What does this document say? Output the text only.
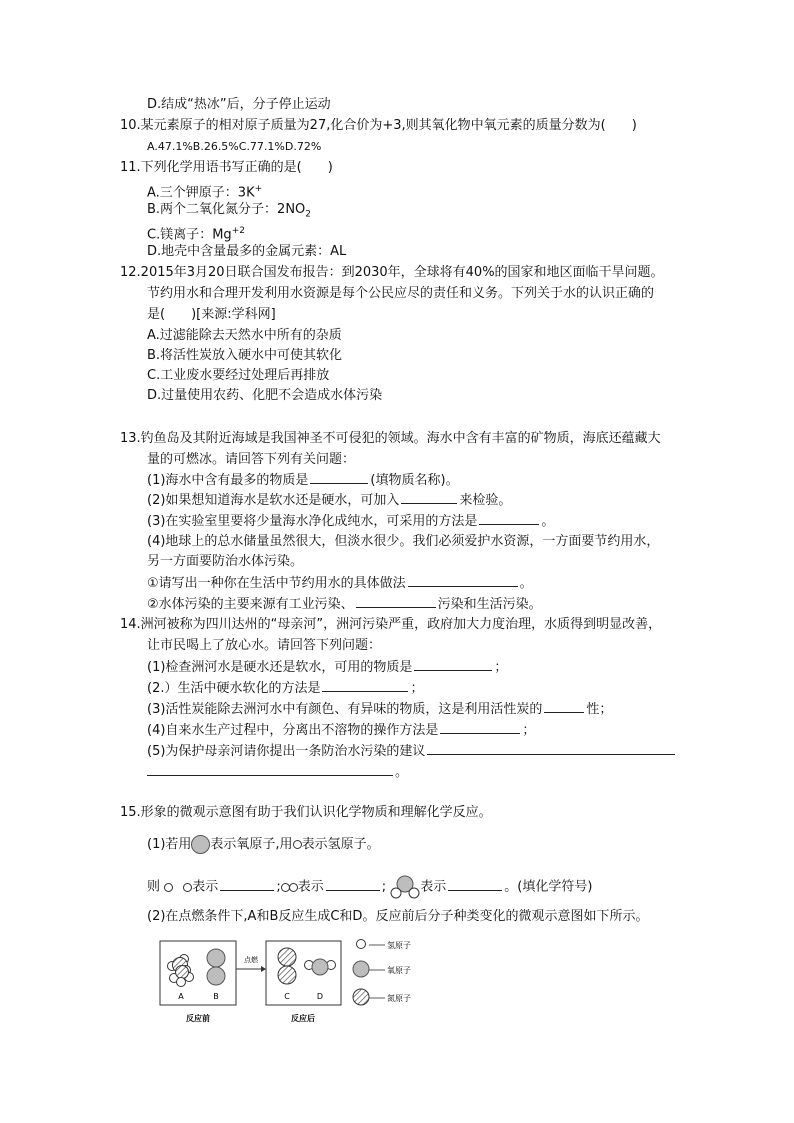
D.结成“热冰”后，分子停止运动
10.某元素原子的相对原子质量为27,化合价为+3,则其氧化物中氧元素的质量分数为(　　)
A.47.1%B.26.5%C.77.1%D.72%
11.下列化学用语书写正确的是(　　)
A.三个钾原子：3K+
B.两个二氧化氮分子：$2NO_2$
C.镁离子：$Mg^{+2}$
D.地壳中含量最多的金属元素：AL
12.2015年3月20日联合国发布报告：到2030年，全球将有40%的国家和地区面临干旱问题。
节约用水和合理开发利用水资源是每个公民应尽的责任和义务。下列关于水的认识正确的
是(　　)[来源:学科网]
A.过滤能除去天然水中所有的杂质
B.将活性炭放入硬水中可使其软化
C.工业废水要经过处理后再排放
D.过量使用农药、化肥不会造成水体污染
13.钓鱼岛及其附近海域是我国神圣不可侵犯的领域。海水中含有丰富的矿物质，海底还蕴藏大
量的可燃冰。请回答下列有关问题：
(1)海水中含有最多的物质是	(填物质名称)。
(2)如果想知道海水是软水还是硬水，可加入	来检验。
(3)在实验室里要将少量海水净化成纯水，可采用的方法是	。
(4)地球上的总水储量虽然很大，但淡水很少。我们必须爱护水资源，一方面要节约用水，
另一方面要防治水体污染。
①请写出一种你在生活中节约用水的具体做法	。
②水体污染的主要来源有工业污染、	污染和生活污染。
14.洲河被称为四川达州的“母亲河”，洲河污染严重，政府加大力度治理，水质得到明显改善，
让市民喝上了放心水。请回答下列问题：
(1)检查洲河水是硬水还是软水，可用的物质是	；
(2.）生活中硬水软化的方法是	；
(3)活性炭能除去洲河水中有颜色、有异味的物质，这是利用活性炭的	性；
(4)自来水生产过程中，分离出不溶物的操作方法是	；
(5)为保护母亲河请你提出一条防治水污染的建议
。
15.形象的微观示意图有助于我们认识化学物质和理解化学反应。
(1)若用 表示氧原子,用 表示氢原子。
则 表示	; 表示	; 表示	。(填化学符号)
(2)在点燃条件下,A和B反应生成C和D。反应前后分子种类变化的微观示意图如下所示。
A	B
点燃
C	D
反应前	反应后
氢原子
氧原子
氮原子
